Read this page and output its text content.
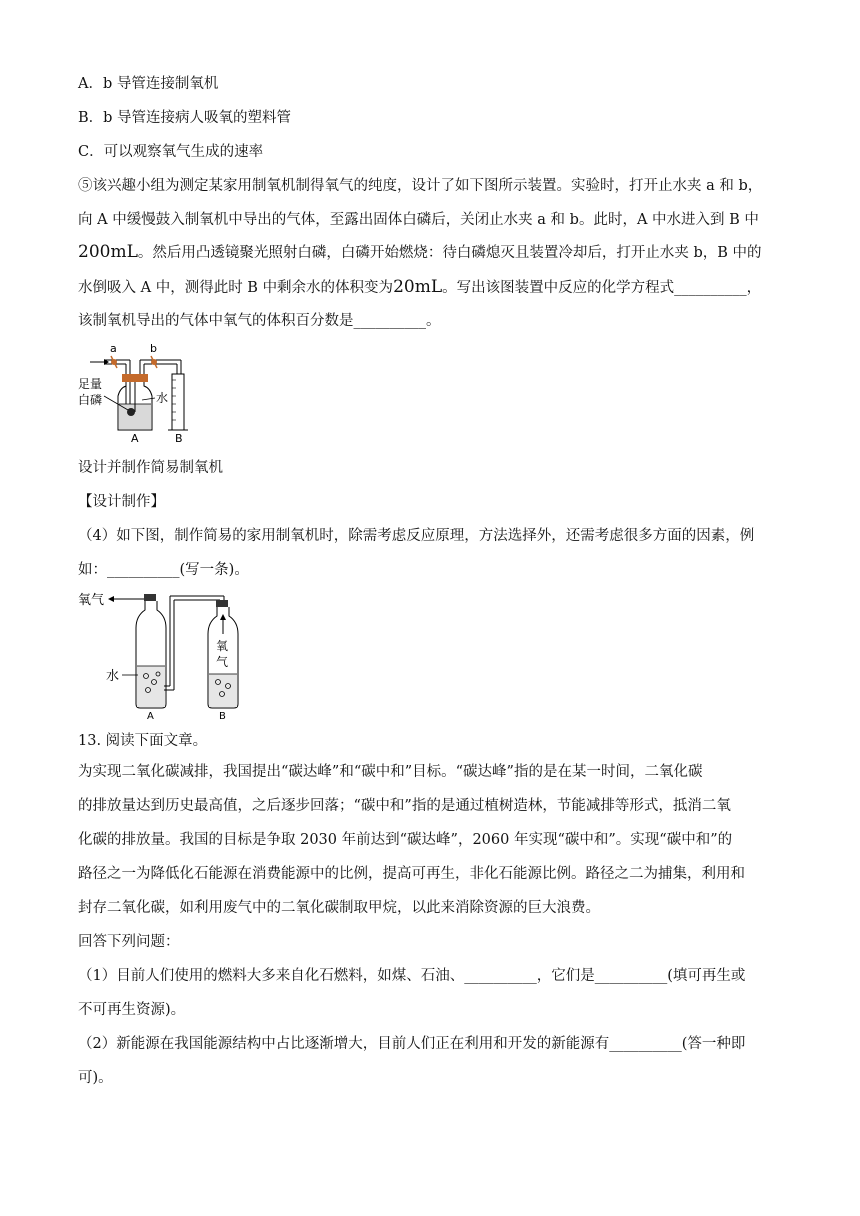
A．b 导管连接制氧机
B．b 导管连接病人吸氧的塑料管
C．可以观察氧气生成的速率
⑤该兴趣小组为测定某家用制氧机制得氧气的纯度，设计了如下图所示装置。实验时，打开止水夹 a 和 b，
向 A 中缓慢鼓入制氧机中导出的气体，至露出固体白磷后，关闭止水夹 a 和 b。此时，A 中水进入到 B 中
200mL。然后用凸透镜聚光照射白磷，白磷开始燃烧：待白磷熄灭且装置冷却后，打开止水夹 b，B 中的
水倒吸入 A 中，测得此时 B 中剩余水的体积变为20mL。写出该图装置中反应的化学方程式__________，
该制氧机导出的气体中氧气的体积百分数是__________。
a	b
足量
白磷	水
A	B
设计并制作简易制氧机
【设计制作】
（4）如下图，制作简易的家用制氧机时，除需考虑反应原理，方法选择外，还需考虑很多方面的因素，例
如：__________(写一条)。
氧气
水
氧
气
A	B
13. 阅读下面文章。
为实现二氧化碳减排，我国提出“碳达峰”和“碳中和”目标。“碳达峰”指的是在某一时间，二氧化碳
的排放量达到历史最高值，之后逐步回落；“碳中和”指的是通过植树造林，节能减排等形式，抵消二氧
化碳的排放量。我国的目标是争取 2030 年前达到“碳达峰”，2060 年实现“碳中和”。实现“碳中和”的
路径之一为降低化石能源在消费能源中的比例，提高可再生，非化石能源比例。路径之二为捕集，利用和
封存二氧化碳，如利用废气中的二氧化碳制取甲烷，以此来消除资源的巨大浪费。
回答下列问题：
（1）目前人们使用的燃料大多来自化石燃料，如煤、石油、__________，它们是__________(填可再生或
不可再生资源)。
（2）新能源在我国能源结构中占比逐渐增大，目前人们正在利用和开发的新能源有__________(答一种即
可)。
